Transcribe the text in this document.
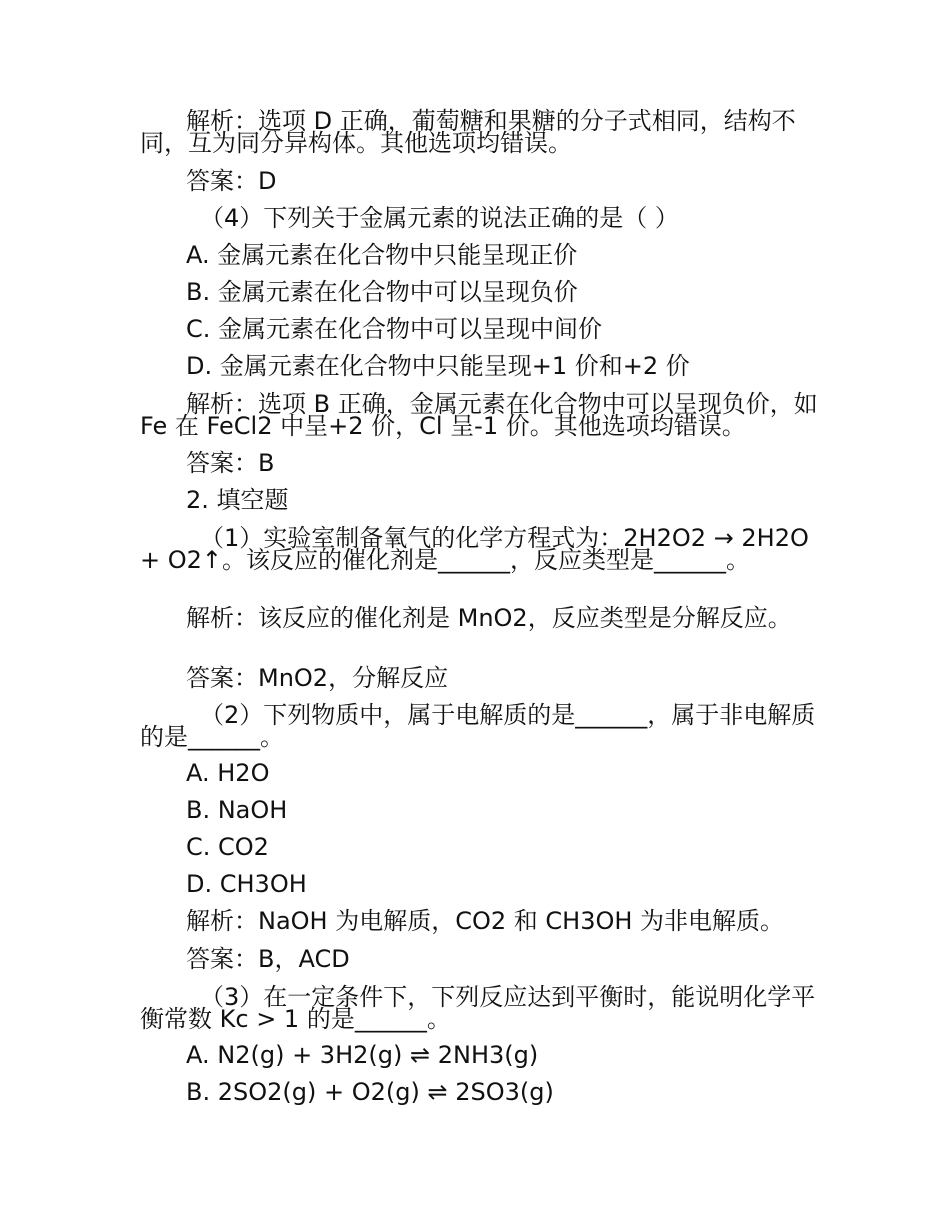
解析：选项 D 正确，葡萄糖和果糖的分子式相同，结构不同，互为同分异构体。其他选项均错误。
答案：D
（4）下列关于金属元素的说法正确的是（ ）
A. 金属元素在化合物中只能呈现正价
B. 金属元素在化合物中可以呈现负价
C. 金属元素在化合物中可以呈现中间价
D. 金属元素在化合物中只能呈现+1 价和+2 价
解析：选项 B 正确，金属元素在化合物中可以呈现负价，如 Fe 在 FeCl2 中呈+2 价，Cl 呈-1 价。其他选项均错误。
答案：B
2. 填空题
（1）实验室制备氧气的化学方程式为：2H2O2 → 2H2O + O2↑。该反应的催化剂是______，反应类型是______。
解析：该反应的催化剂是 MnO2，反应类型是分解反应。
答案：MnO2，分解反应
（2）下列物质中，属于电解质的是______，属于非电解质的是______。
A. H2O
B. NaOH
C. CO2
D. CH3OH
解析：NaOH 为电解质，CO2 和 CH3OH 为非电解质。
答案：B，ACD
（3）在一定条件下，下列反应达到平衡时，能说明化学平衡常数 Kc > 1 的是______。
A. N2(g) + 3H2(g) ⇌ 2NH3(g)
B. 2SO2(g) + O2(g) ⇌ 2SO3(g)
